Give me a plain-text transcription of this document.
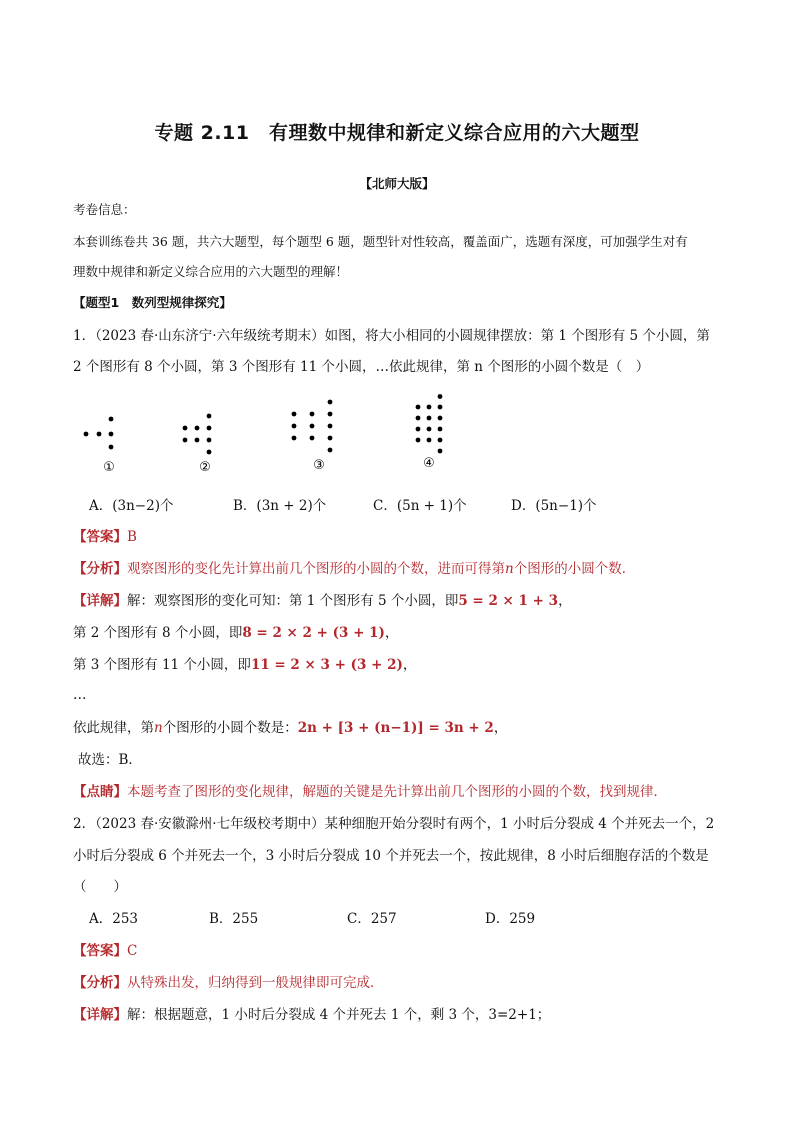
专题 2.11　有理数中规律和新定义综合应用的六大题型
【北师大版】
考卷信息：
本套训练卷共 36 题，共六大题型，每个题型 6 题，题型针对性较高，覆盖面广，选题有深度，可加强学生对有
理数中规律和新定义综合应用的六大题型的理解！
【题型1　数列型规律探究】
1．（2023 春·山东济宁·六年级统考期末）如图，将大小相同的小圆规律摆放：第 1 个图形有 5 个小圆，第
2 个图形有 8 个小圆，第 3 个图形有 11 个小圆，…依此规律，第 n 个图形的小圆个数是（　）
①	②	③	④
A．(3n−2)个	B．(3n + 2)个	C．(5n + 1)个	D．(5n−1)个
【答案】B
【分析】观察图形的变化先计算出前几个图形的小圆的个数，进而可得第n个图形的小圆个数．
【详解】解：观察图形的变化可知：第 1 个图形有 5 个小圆，即5 = 2 × 1 + 3，
第 2 个图形有 8 个小圆，即8 = 2 × 2 + (3 + 1)，
第 3 个图形有 11 个小圆，即11 = 2 × 3 + (3 + 2)，
…
依此规律，第n个图形的小圆个数是：2n + [3 + (n−1)] = 3n + 2，
故选：B．
【点睛】本题考查了图形的变化规律，解题的关键是先计算出前几个图形的小圆的个数，找到规律．
2．（2023 春·安徽滁州·七年级校考期中）某种细胞开始分裂时有两个，1 小时后分裂成 4 个并死去一个，2
小时后分裂成 6 个并死去一个，3 小时后分裂成 10 个并死去一个，按此规律，8 小时后细胞存活的个数是
（　　）
A．253	B．255	C．257	D．259
【答案】C
【分析】从特殊出发，归纳得到一般规律即可完成．
【详解】解：根据题意，1 小时后分裂成 4 个并死去 1 个，剩 3 个，3=2+1；
